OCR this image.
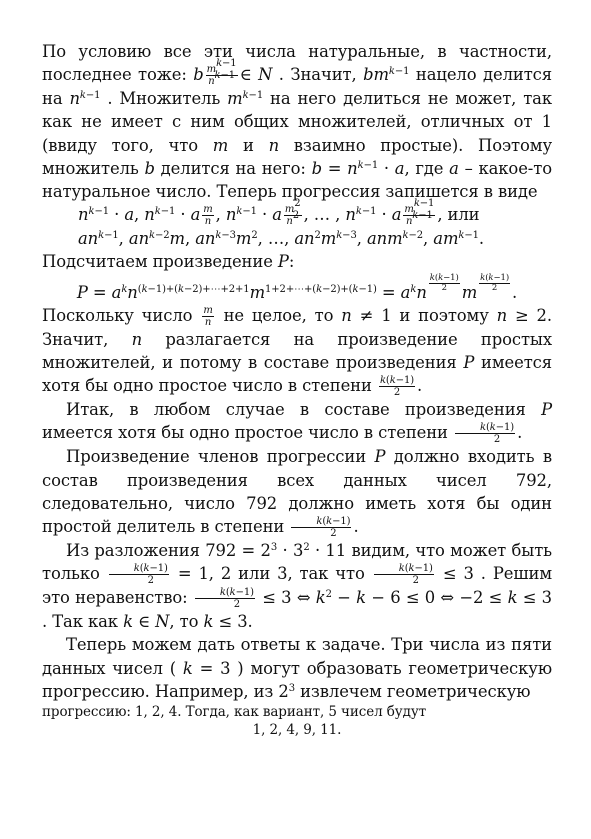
По условию все эти числа натуральные, в частности, последнее тоже: b $\frac{m^{k-1}}{n^{k-1}}$ ∈ N . Значит, $bm^{k-1}$ нацело делится на $n^{k-1}$ . Множитель $m^{k-1}$ на него делиться не может, так как не имеет с ним общих множителей, отличных от 1 (ввиду того, что m и n взаимно простые). Поэтому множитель b делится на него: $b = n^{k-1} \cdot a$, где a – какое-то натуральное число. Теперь прогрессия запишется в виде

$n^{k-1} \cdot a$, $n^{k-1} \cdot a \frac{m}{n}$ , $n^{k-1} \cdot a \frac{m^2}{n^2}$ , … , $n^{k-1} \cdot a \frac{m^{k-1}}{n^{k-1}}$ , или

$an^{k-1}$, $an^{k-2}m$, $an^{k-3}m^2$, …, $an^2m^{k-3}$, anm$^{k-2}$, $am^{k-1}$.

Подсчитаем произведение P:

$P = a^kn^{(k-1)+(k-2)+\cdots+2+1}m^{1+2+\cdots+(k-2)+(k-1)} = a^kn \frac{k(k-1)}{2}$ m $\frac{k(k-1)}{2}$ .

Поскольку число $\frac{m}{n}$ не целое, то n ≠ 1 и поэтому n ≥ 2. Значит, n разлагается на произведение простых множителей, и потому в составе произведения P имеется хотя бы одно простое число в степени $\frac{k(k-1)}{2}$ .

Итак, в любом случае в составе произведения P имеется хотя бы одно простое число в степени $\frac{k(k-1)}{2}$ .

Произведение членов прогрессии P должно входить в состав произведения всех данных чисел 792, следовательно, число 792 должно иметь хотя бы один простой делитель в степени $\frac{k(k-1)}{2}$ .

Из разложения $792 = 2^3 \cdot 3^2 \cdot 11$ видим, что может быть только $\frac{k(k-1)}{2} = 1$, 2 или 3, так что $\frac{k(k-1)}{2} \le 3$ . Решим это неравенство: $\frac{k(k-1)}{2} \le 3$ ⇔ $k^2 - k - 6 \le 0$ ⇔ −2 ≤ k ≤ 3 . Так как k ∈ N, то k ≤ 3.

Теперь можем дать ответы к задаче. Три числа из пяти данных чисел ( k = 3 ) могут образовать геометрическую прогрессию. Например, из $2^3$ извлечем геометрическую

прогрессию: 1, 2, 4. Тогда, как вариант, 5 чисел будут

1, 2, 4, 9, 11.
